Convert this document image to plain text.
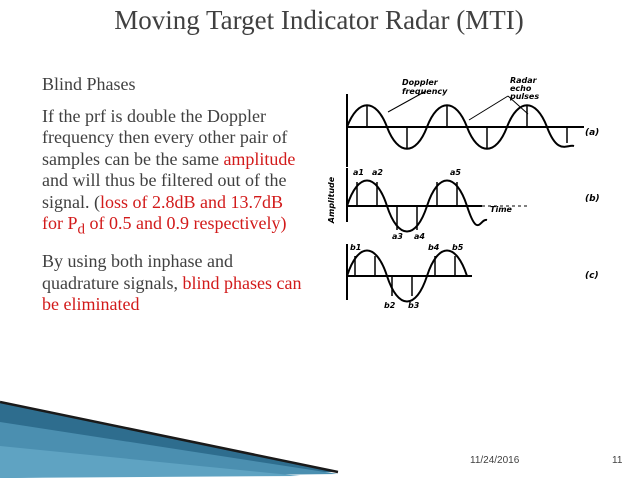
Moving Target Indicator Radar (MTI)

Blind Phases

If the prf is double the Doppler frequency then every other pair of samples can be the same amplitude and will thus be filtered out of the signal. (loss of 2.8dB and 13.7dB for $P_d$ of 0.5 and 0.9 respectively)

By using both inphase and quadrature signals, blind phases can be eliminated

Doppler
frequency
Radar
echo
pulses
(a)
Amplitude	Time
a1 a2
a3 a4
a5
(b)
b1
b2 b3
b4 b5
(c)
11/24/2016	11
